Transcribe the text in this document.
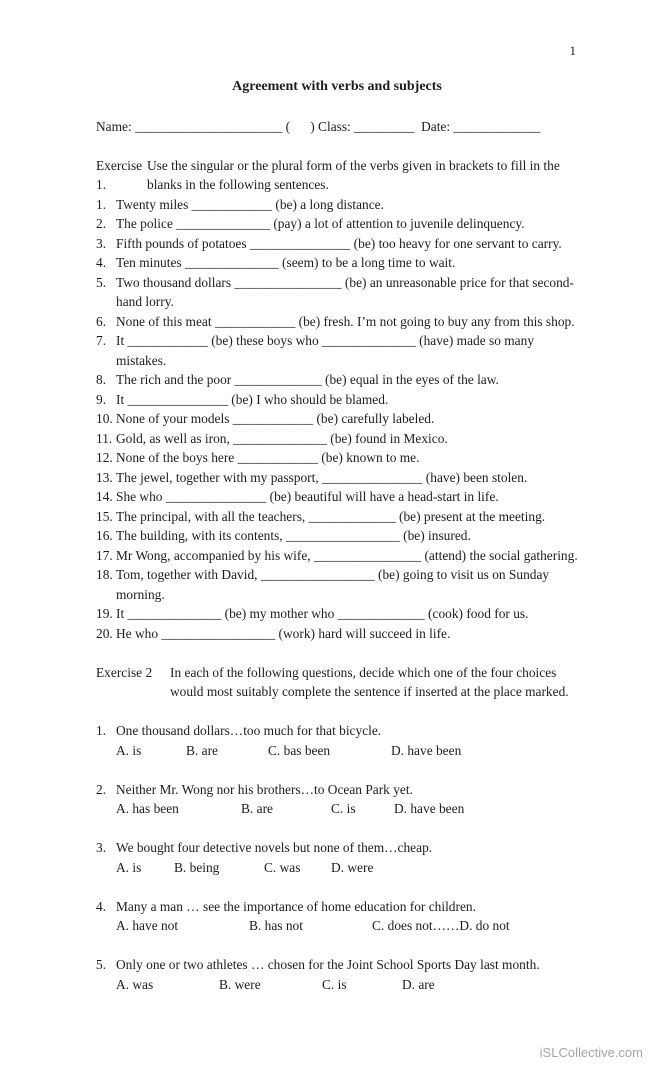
1
Agreement with verbs and subjects
Name: ______________________ (      ) Class: _________  Date: _____________
Exercise 1.
Use the singular or the plural form of the verbs given in brackets to fill in the blanks in the following sentences.
1. Twenty miles ____________ (be) a long distance.
2. The police ______________ (pay) a lot of attention to juvenile delinquency.
3. Fifth pounds of potatoes _______________ (be) too heavy for one servant to carry.
4. Ten minutes ______________ (seem) to be a long time to wait.
5. Two thousand dollars ________________ (be) an unreasonable price for that second-hand lorry.
6. None of this meat ____________ (be) fresh. I’m not going to buy any from this shop.
7. It ____________ (be) these boys who ______________ (have) made so many mistakes.
8. The rich and the poor _____________ (be) equal in the eyes of the law.
9. It _______________ (be) I who should be blamed.
10. None of your models ____________ (be) carefully labeled.
11. Gold, as well as iron, ______________ (be) found in Mexico.
12. None of the boys here ____________ (be) known to me.
13. The jewel, together with my passport, _______________ (have) been stolen.
14. She who _______________ (be) beautiful will have a head-start in life.
15. The principal, with all the teachers, _____________ (be) present at the meeting.
16. The building, with its contents, _________________ (be) insured.
17. Mr Wong, accompanied by his wife, ________________ (attend) the social gathering.
18. Tom, together with David, _________________ (be) going to visit us on Sunday morning.
19. It ______________ (be) my mother who _____________ (cook) food for us.
20. He who _________________ (work) hard will succeed in life.
Exercise 2	In each of the following questions, decide which one of the four choices would most suitably complete the sentence if inserted at the place marked.
1. One thousand dollars…too much for that bicycle.
A. is	B. are	C. bas been	D. have been
2. Neither Mr. Wong nor his brothers…to Ocean Park yet.
A. has been	B. are	C. is	D. have been
3. We bought four detective novels but none of them…cheap.
A. is	B. being	C. was	D. were
4. Many a man … see the importance of home education for children.
A. have not	B. has not	C. does not……D. do not
5. Only one or two athletes … chosen for the Joint School Sports Day last month.
A. was	B. were	C. is	D. are
iSLCollective.com
